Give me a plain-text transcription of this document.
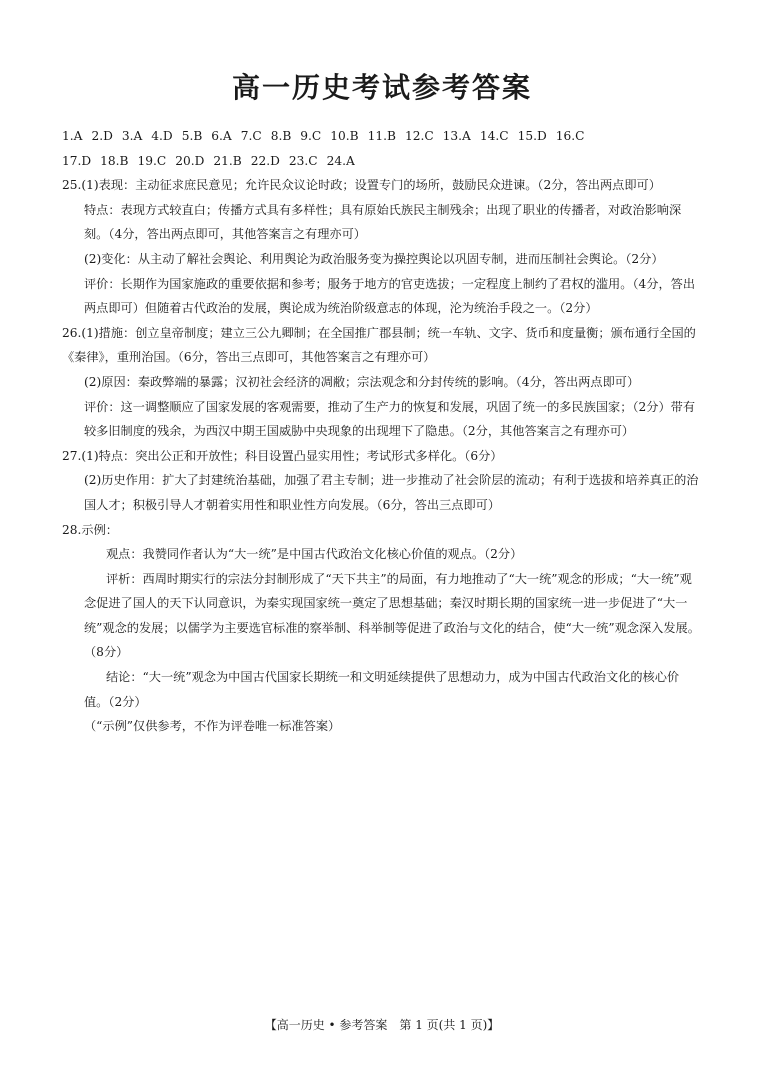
高一历史考试参考答案
1.A 2.D 3.A 4.D 5.B 6.A 7.C 8.B 9.C 10.B 11.B 12.C 13.A 14.C 15.D 16.C
17.D 18.B 19.C 20.D 21.B 22.D 23.C 24.A

25.(1)表现：主动征求庶民意见；允许民众议论时政；设置专门的场所，鼓励民众进谏。（2分，答出两点即可）

特点：表现方式较直白；传播方式具有多样性；具有原始氏族民主制残余；出现了职业的传播者，对政治影响深刻。（4分，答出两点即可，其他答案言之有理亦可）

(2)变化：从主动了解社会舆论、利用舆论为政治服务变为操控舆论以巩固专制，进而压制社会舆论。（2分）

评价：长期作为国家施政的重要依据和参考；服务于地方的官吏选拔；一定程度上制约了君权的滥用。（4分，答出两点即可）但随着古代政治的发展，舆论成为统治阶级意志的体现，沦为统治手段之一。（2分）

26.(1)措施：创立皇帝制度；建立三公九卿制；在全国推广郡县制；统一车轨、文字、货币和度量衡；颁布通行全国的《秦律》，重刑治国。（6分，答出三点即可，其他答案言之有理亦可）

(2)原因：秦政弊端的暴露；汉初社会经济的凋敝；宗法观念和分封传统的影响。（4分，答出两点即可）

评价：这一调整顺应了国家发展的客观需要，推动了生产力的恢复和发展，巩固了统一的多民族国家；（2分）带有较多旧制度的残余，为西汉中期王国威胁中央现象的出现埋下了隐患。（2分，其他答案言之有理亦可）

27.(1)特点：突出公正和开放性；科目设置凸显实用性；考试形式多样化。（6分）

(2)历史作用：扩大了封建统治基础，加强了君主专制；进一步推动了社会阶层的流动；有利于选拔和培养真正的治国人才；积极引导人才朝着实用性和职业性方向发展。（6分，答出三点即可）

28.示例：

观点：我赞同作者认为“大一统”是中国古代政治文化核心价值的观点。（2分）

评析：西周时期实行的宗法分封制形成了“天下共主”的局面，有力地推动了“大一统”观念的形成；“大一统”观念促进了国人的天下认同意识，为秦实现国家统一奠定了思想基础；秦汉时期长期的国家统一进一步促进了“大一统”观念的发展；以儒学为主要选官标准的察举制、科举制等促进了政治与文化的结合，使“大一统”观念深入发展。（8分）

结论：“大一统”观念为中国古代国家长期统一和文明延续提供了思想动力，成为中国古代政治文化的核心价值。（2分）

（“示例”仅供参考，不作为评卷唯一标准答案）

【高一历史 • 参考答案　第 1 页(共 1 页)】
